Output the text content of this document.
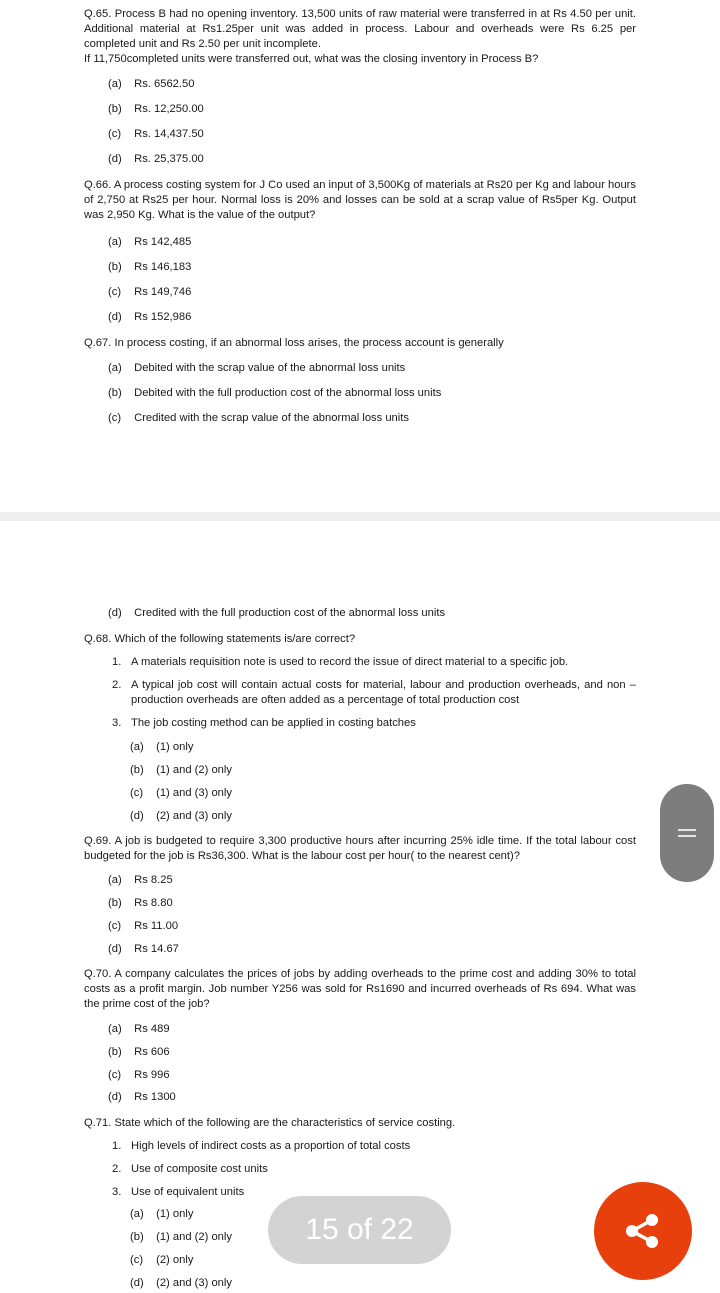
Q.65. Process B had no opening inventory. 13,500 units of raw material were transferred in at Rs 4.50 per unit. Additional material at Rs1.25per unit was added in process. Labour and overheads were Rs 6.25 per completed unit and Rs 2.50 per unit incomplete.
If 11,750completed units were transferred out, what was the closing inventory in Process B?
(a) Rs. 6562.50
(b) Rs. 12,250.00
(c) Rs. 14,437.50
(d) Rs. 25,375.00
Q.66. A process costing system for J Co used an input of 3,500Kg of materials at Rs20 per Kg and labour hours of 2,750 at Rs25 per hour. Normal loss is 20% and losses can be sold at a scrap value of Rs5per Kg. Output was 2,950 Kg. What is the value of the output?
(a) Rs 142,485
(b) Rs 146,183
(c) Rs 149,746
(d) Rs 152,986
Q.67. In process costing, if an abnormal loss arises, the process account is generally
(a) Debited with the scrap value of the abnormal loss units
(b) Debited with the full production cost of the abnormal loss units
(c) Credited with the scrap value of the abnormal loss units
(d) Credited with the full production cost of the abnormal loss units
Q.68. Which of the following statements is/are correct?
1. A materials requisition note is used to record the issue of direct material to a specific job.
2. A typical job cost will contain actual costs for material, labour and production overheads, and non –production overheads are often added as a percentage of total production cost
3. The job costing method can be applied in costing batches
(a) (1) only
(b) (1) and (2) only
(c) (1) and (3) only
(d) (2) and (3) only
Q.69. A job is budgeted to require 3,300 productive hours after incurring 25% idle time. If the total labour cost budgeted for the job is Rs36,300. What is the labour cost per hour( to the nearest cent)?
(a) Rs 8.25
(b) Rs 8.80
(c) Rs 11.00
(d) Rs 14.67
Q.70. A company calculates the prices of jobs by adding overheads to the prime cost and adding 30% to total costs as a profit margin. Job number Y256 was sold for Rs1690 and incurred overheads of Rs 694. What was the prime cost of the job?
(a) Rs 489
(b) Rs 606
(c) Rs 996
(d) Rs 1300
Q.71. State which of the following are the characteristics of service costing.
1. High levels of indirect costs as a proportion of total costs
2. Use of composite cost units
3. Use of equivalent units
(a) (1) only
(b) (1) and (2) only
(c) (2) only
(d) (2) and (3) only
15 of 22
